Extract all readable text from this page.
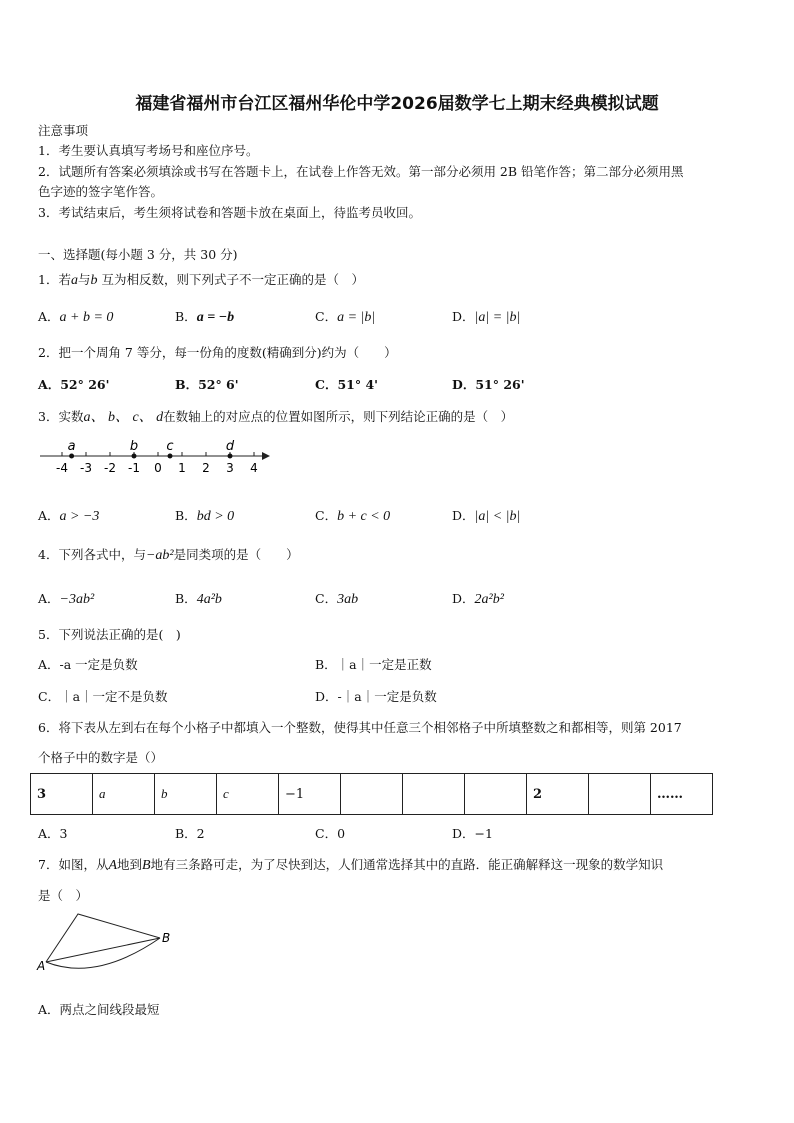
福建省福州市台江区福州华伦中学2026届数学七上期末经典模拟试题
注意事项
1．考生要认真填写考场号和座位序号。
2．试题所有答案必须填涂或书写在答题卡上，在试卷上作答无效。第一部分必须用 2B 铅笔作答；第二部分必须用黑
色字迹的签字笔作答。
3．考试结束后，考生须将试卷和答题卡放在桌面上，待监考员收回。
一、选择题(每小题 3 分，共 30 分)
1．若a与b 互为相反数，则下列式子不一定正确的是（　）
A．a + b = 0	B．a = −b	C．a = |b|	D．|a| = |b|
2．把一个周角 7 等分，每一份角的度数(精确到分)约为（　　）
A．52° 26'	B．52° 6'	C．51° 4'	D．51° 26'
3．实数a、 b、 c、 d在数轴上的对应点的位置如图所示，则下列结论正确的是（　）
-4 -3 -2 -1 0 1 2 3 4
a	b c	d
A．a > −3	B．bd > 0	C．b + c < 0	D．|a| < |b|
4．下列各式中，与−ab²是同类项的是（　　）
A．−3ab²	B．4a²b	C．3ab	D．2a²b²
5．下列说法正确的是(　)
A．-a 一定是负数	B．｜a｜一定是正数
C．｜a｜一定不是负数	D．-｜a｜一定是负数
6．将下表从左到右在每个小格子中都填入一个整数，使得其中任意三个相邻格子中所填整数之和都相等，则第 2017
个格子中的数字是（）
3	a	b	c	−1				2		……
A．3	B．2	C．0	D．−1
7．如图，从A地到B地有三条路可走，为了尽快到达，人们通常选择其中的直路．能正确解释这一现象的数学知识
是（　）
A
B
A．两点之间线段最短
